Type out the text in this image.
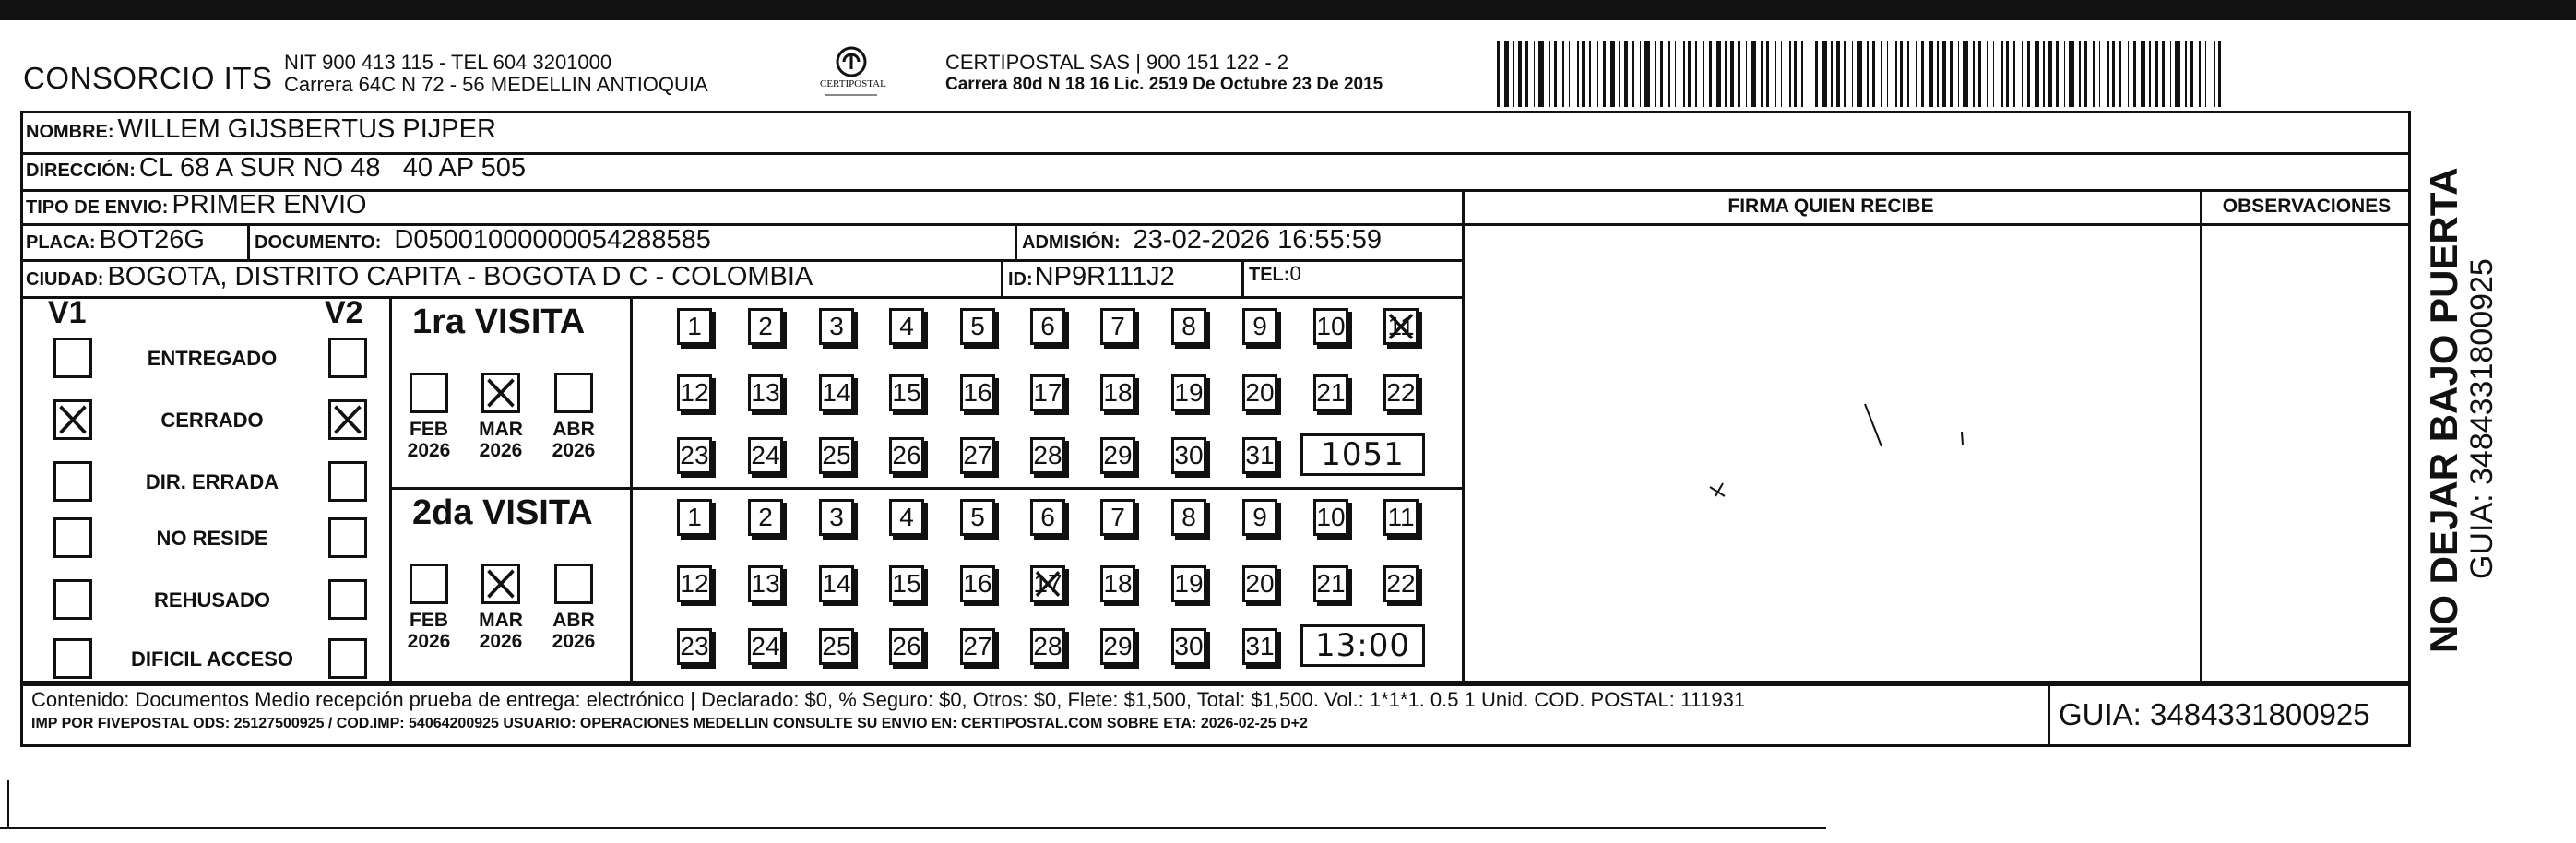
CONSORCIO ITS NIT 900 413 115 - TEL 604 3201000
Carrera 64C N 72 - 56 MEDELLIN ANTIOQUIA	CERTIPOSTAL
CERTIPOSTAL SAS | 900 151 122 - 2
Carrera 80d N 18 16 Lic. 2519 De Octubre 23 De 2015
NOMBRE: WILLEM GIJSBERTUS PIJPER
DIRECCIÓN: CL 68 A SUR NO 48   40 AP 505
TIPO DE ENVIO: PRIMER ENVIO
PLACA: BOT26G	DOCUMENTO: D05001000000054288585	ADMISIÓN: 23-02-2026 16:55:59
CIUDAD: BOGOTA, DISTRITO CAPITA - BOGOTA D C - COLOMBIA	ID: NP9R111J2	TEL: 0
FIRMA QUIEN RECIBE	OBSERVACIONES
V1	V2
ENTREGADO
CERRADO
DIR. ERRADA
NO RESIDE
REHUSADO
DIFICIL ACCESO
1ra VISITA
FEB
2026
MAR
2026
ABR
2026
1 2 3 4 5 6 7 8 9 10 11
12 13 14 15 16 17 18 19 20 21 22
23 24 25 26 27 28 29 30 31	1051
2da VISITA
FEB
2026
MAR
2026
ABR
2026
1 2 3 4 5 6 7 8 9 10 11
12 13 14 15 16 17 18 19 20 21 22
23 24 25 26 27 28 29 30 31	13:00
Contenido: Documentos Medio recepción prueba de entrega: electrónico | Declarado: $0, % Seguro: $0, Otros: $0, Flete: $1,500, Total: $1,500. Vol.: 1*1*1. 0.5 1 Unid. COD. POSTAL: 111931
IMP POR FIVEPOSTAL ODS: 25127500925 / COD.IMP: 54064200925 USUARIO: OPERACIONES MEDELLIN CONSULTE SU ENVIO EN: CERTIPOSTAL.COM SOBRE ETA: 2026-02-25 D+2	GUIA: 3484331800925
NO DEJAR BAJO PUERTA GUIA: 3484331800925
